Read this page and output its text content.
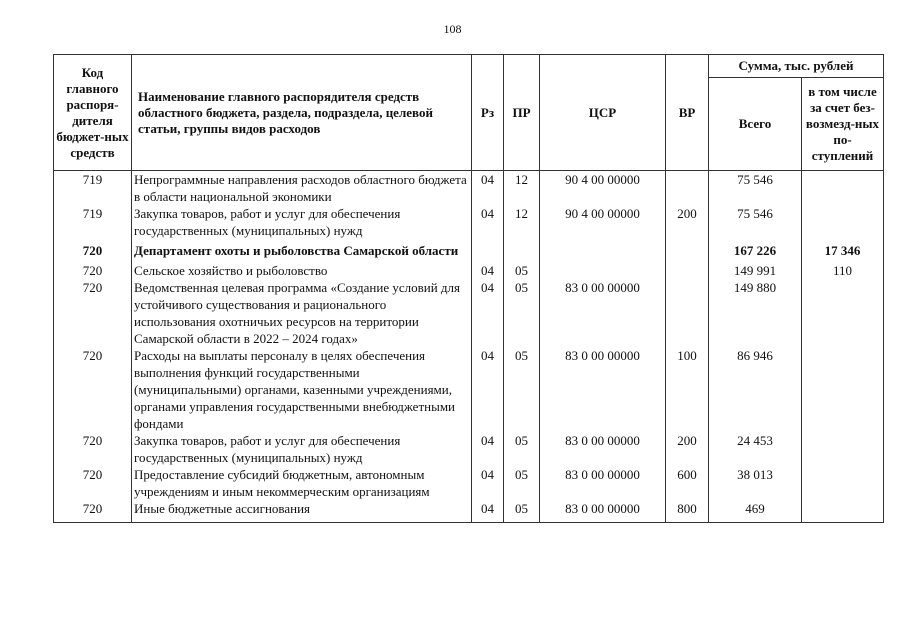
108
Код главного распоря-дителя бюджет-ных средств	Наименование главного распорядителя средств областного бюджета, раздела, подраздела, целевой статьи, группы видов расходов	Рз	ПР	ЦСР	ВР	Сумма, тыс. рублей	
						Всего	в том числе за счет без-возмезд-ных по-ступлений
719	Непрограммные направления расходов областного бюджета в области национальной экономики	04	12	90 4 00 00000		75 546	
719	Закупка товаров, работ и услуг для обеспечения государственных (муниципальных) нужд	04	12	90 4 00 00000	200	75 546	
720	Департамент охоты и рыболовства Самарской области					167 226	17 346
720	Сельское хозяйство и рыболовство	04	05			149 991	110
720	Ведомственная целевая программа «Создание условий для устойчивого существования и рационального использования охотничьих ресурсов на территории Самарской области в 2022 – 2024 годах»	04	05	83 0 00 00000		149 880	
720	Расходы на выплаты персоналу в целях обеспечения выполнения функций государственными (муниципальными) органами, казенными учреждениями, органами управления государственными внебюджетными фондами	04	05	83 0 00 00000	100	86 946	
720	Закупка товаров, работ и услуг для обеспечения государственных (муниципальных) нужд	04	05	83 0 00 00000	200	24 453	
720	Предоставление субсидий бюджетным, автономным учреждениям и иным некоммерческим организациям	04	05	83 0 00 00000	600	38 013	
720	Иные бюджетные ассигнования	04	05	83 0 00 00000	800	469	
